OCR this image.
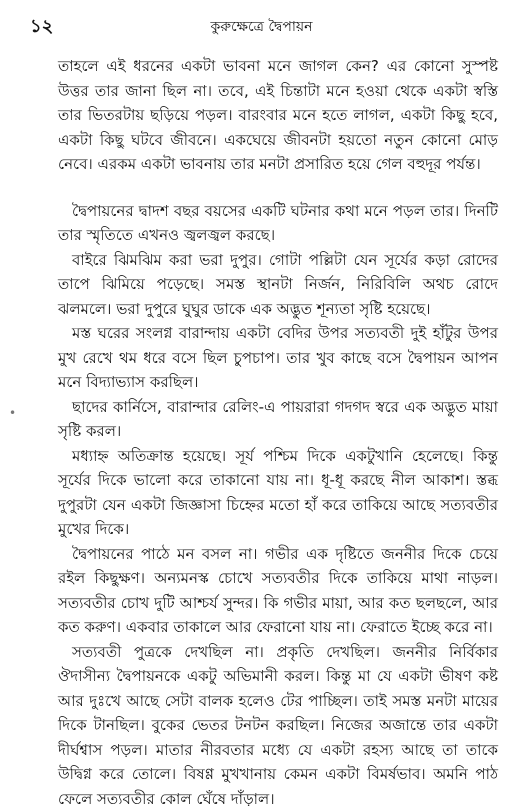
১২	কুরুক্ষেত্রে দ্বৈপায়ন
•

তাহলে এই ধরনের একটা ভাবনা মনে জাগল কেন? এর কোনো সুস্পষ্ট উত্তর তার জানা ছিল না। তবে, এই চিন্তাটা মনে হওয়া থেকে একটা স্বস্তি তার ভিতরটায় ছড়িয়ে পড়ল। বারংবার মনে হতে লাগল, একটা কিছু হবে, একটা কিছু ঘটবে জীবনে। একঘেয়ে জীবনটা হয়তো নতুন কোনো মোড় নেবে। এরকম একটা ভাবনায় তার মনটা প্রসারিত হয়ে গেল বহুদূর পর্যন্ত।

দ্বৈপায়নের দ্বাদশ বছর বয়সের একটি ঘটনার কথা মনে পড়ল তার। দিনটি তার স্মৃতিতে এখনও জ্বলজ্বল করছে।

বাইরে ঝিমঝিম করা ভরা দুপুর। গোটা পল্লিটা যেন সূর্যের কড়া রোদের তাপে ঝিমিয়ে পড়েছে। সমস্ত স্থানটা নির্জন, নিরিবিলি অথচ রোদে ঝলমলে। ভরা দুপুরে ঘুঘুর ডাকে এক অদ্ভুত শূন্যতা সৃষ্টি হয়েছে।

মস্ত ঘরের সংলগ্ন বারান্দায় একটা বেদির উপর সত্যবতী দুই হাঁটুর উপর মুখ রেখে থম ধরে বসে ছিল চুপচাপ। তার খুব কাছে বসে দ্বৈপায়ন আপন মনে বিদ্যাভ্যাস করছিল।

ছাদের কার্নিসে, বারান্দার রেলিং-এ পায়রারা গদগদ স্বরে এক অদ্ভুত মায়া সৃষ্টি করল।

মধ্যাহ্ন অতিক্রান্ত হয়েছে। সূর্য পশ্চিম দিকে একটুখানি হেলেছে। কিন্তু সূর্যের দিকে ভালো করে তাকানো যায় না। ধূ-ধূ করছে নীল আকাশ। স্তব্ধ দুপুরটা যেন একটা জিজ্ঞাসা চিহ্নের মতো হাঁ করে তাকিয়ে আছে সত্যবতীর মুখের দিকে।

দ্বৈপায়নের পাঠে মন বসল না। গভীর এক দৃষ্টিতে জননীর দিকে চেয়ে রইল কিছুক্ষণ। অন্যমনস্ক চোখে সত্যবতীর দিকে তাকিয়ে মাথা নাড়ল। সত্যবতীর চোখ দুটি আশ্চর্য সুন্দর। কি গভীর মায়া, আর কত ছলছলে, আর কত করুণ। একবার তাকালে আর ফেরানো যায় না। ফেরাতে ইচ্ছে করে না।

সত্যবতী পুত্রকে দেখছিল না। প্রকৃতি দেখছিল। জননীর নির্বিকার ঔদাসীন্য দ্বৈপায়নকে একটু অভিমানী করল। কিন্তু মা যে একটা ভীষণ কষ্ট আর দুঃখে আছে সেটা বালক হলেও টের পাচ্ছিল। তাই সমস্ত মনটা মায়ের দিকে টানছিল। বুকের ভেতর টনটন করছিল। নিজের অজান্তে তার একটা দীর্ঘশ্বাস পড়ল। মাতার নীরবতার মধ্যে যে একটা রহস্য আছে তা তাকে উদ্বিগ্ন করে তোলে। বিষণ্ণ মুখখানায় কেমন একটা বিমর্ষভাব। অমনি পাঠ ফেলে সত্যবতীর কোল ঘেঁষে দাঁড়াল।
